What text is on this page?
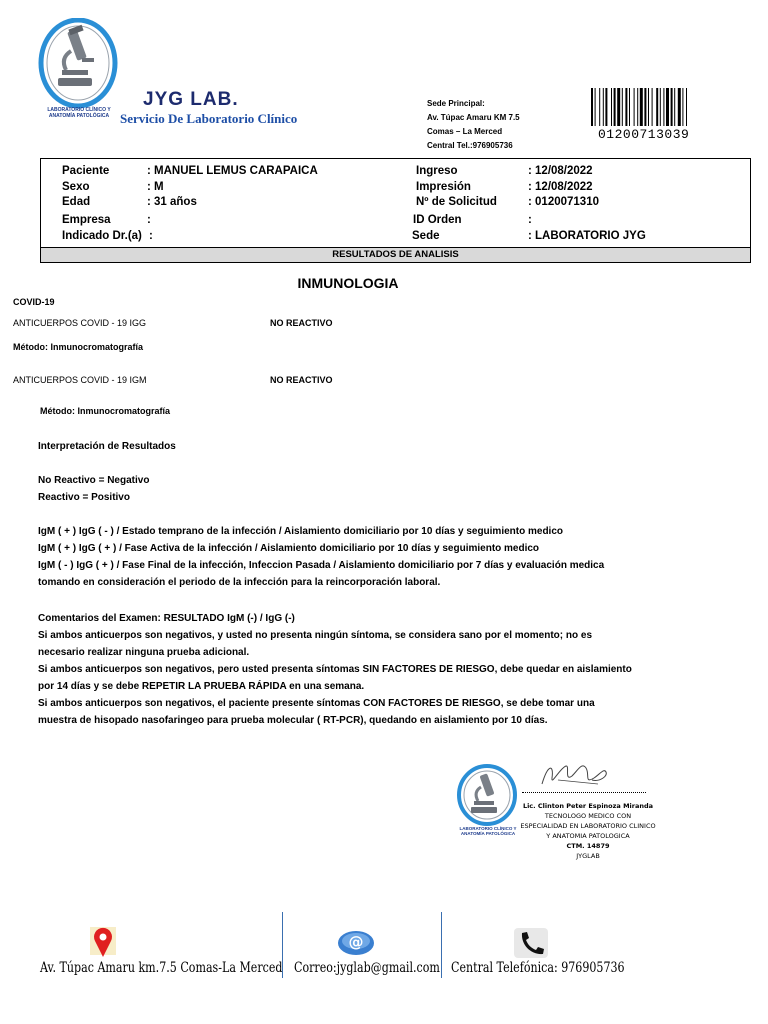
LABORATORIO CLÍNICO Y ANATOMÍA PATOLÓGICA
JYG LAB.
Servicio De Laboratorio Clínico
Sede Principal:
Av. Túpac Amaru KM 7.5
Comas – La Merced
Central Tel.:976905736
01200713039
Paciente	: MANUEL LEMUS CARAPAICA
Sexo	: M
Edad	: 31 años
Empresa	:
Indicado Dr.(a) :
Ingreso	: 12/08/2022
Impresión	: 12/08/2022
Nº de Solicitud	: 0120071310
ID Orden	:
Sede	: LABORATORIO JYG
RESULTADOS DE ANALISIS
INMUNOLOGIA
COVID-19
ANTICUERPOS COVID - 19 IGG	NO REACTIVO
Método: Inmunocromatografía
ANTICUERPOS COVID - 19 IGM	NO REACTIVO
Método: Inmunocromatografía
Interpretación de Resultados
No Reactivo = Negativo
Reactivo = Positivo
IgM ( + ) IgG ( - ) / Estado temprano de la infección / Aislamiento domiciliario por 10 días y seguimiento medico
IgM ( + ) IgG ( + ) / Fase Activa de la infección / Aislamiento domiciliario por 10 días y seguimiento medico
IgM ( - ) IgG ( + ) / Fase Final de la infección, Infeccion Pasada / Aislamiento domiciliario por 7 días y evaluación medica
tomando en consideración el periodo de la infección para la reincorporación laboral.
Comentarios del Examen: RESULTADO IgM (-) / IgG (-)
Si ambos anticuerpos son negativos, y usted no presenta ningún síntoma, se considera sano por el momento; no es
necesario realizar ninguna prueba adicional.
Si ambos anticuerpos son negativos, pero usted presenta síntomas SIN FACTORES DE RIESGO, debe quedar en aislamiento
por 14 días y se debe REPETIR LA PRUEBA RÁPIDA en una semana.
Si ambos anticuerpos son negativos, el paciente presente síntomas CON FACTORES DE RIESGO, se debe tomar una
muestra de hisopado nasofaringeo para prueba molecular ( RT-PCR), quedando en aislamiento por 10 días.
LABORATORIO CLÍNICO Y ANATOMÍA PATOLÓGICA
Lic. Clinton Peter Espinoza Miranda
TECNOLOGO MEDICO CON
ESPECIALIDAD EN LABORATORIO CLINICO
Y ANATOMIA PATOLOGICA
CTM. 14879
JYGLAB
Av. Túpac Amaru km.7.5 Comas-La Merced
@
Correo:jyglab@gmail.com Central Telefónica: 976905736
